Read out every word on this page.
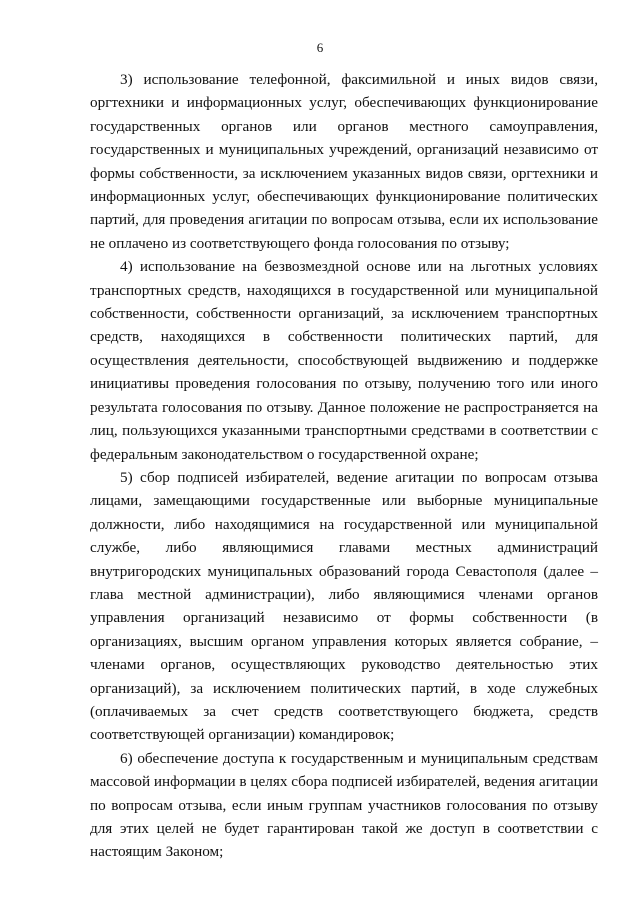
6

3) использование телефонной, факсимильной и иных видов связи, оргтехники и информационных услуг, обеспечивающих функционирование государственных органов или органов местного самоуправления, государственных и муниципальных учреждений, организаций независимо от формы собственности, за исключением указанных видов связи, оргтехники и информационных услуг, обеспечивающих функционирование политических партий, для проведения агитации по вопросам отзыва, если их использование не оплачено из соответствующего фонда голосования по отзыву;

4) использование на безвозмездной основе или на льготных условиях транспортных средств, находящихся в государственной или муниципальной собственности, собственности организаций, за исключением транспортных средств, находящихся в собственности политических партий, для осуществления деятельности, способствующей выдвижению и поддержке инициативы проведения голосования по отзыву, получению того или иного результата голосования по отзыву. Данное положение не распространяется на лиц, пользующихся указанными транспортными средствами в соответствии с федеральным законодательством о государственной охране;

5) сбор подписей избирателей, ведение агитации по вопросам отзыва лицами, замещающими государственные или выборные муниципальные должности, либо находящимися на государственной или муниципальной службе, либо являющимися главами местных администраций внутригородских муниципальных образований города Севастополя (далее – глава местной администрации), либо являющимися членами органов управления организаций независимо от формы собственности (в организациях, высшим органом управления которых является собрание, – членами органов, осуществляющих руководство деятельностью этих организаций), за исключением политических партий, в ходе служебных (оплачиваемых за счет средств соответствующего бюджета, средств соответствующей организации) командировок;

6) обеспечение доступа к государственным и муниципальным средствам массовой информации в целях сбора подписей избирателей, ведения агитации по вопросам отзыва, если иным группам участников голосования по отзыву для этих целей не будет гарантирован такой же доступ в соответствии с настоящим Законом;
